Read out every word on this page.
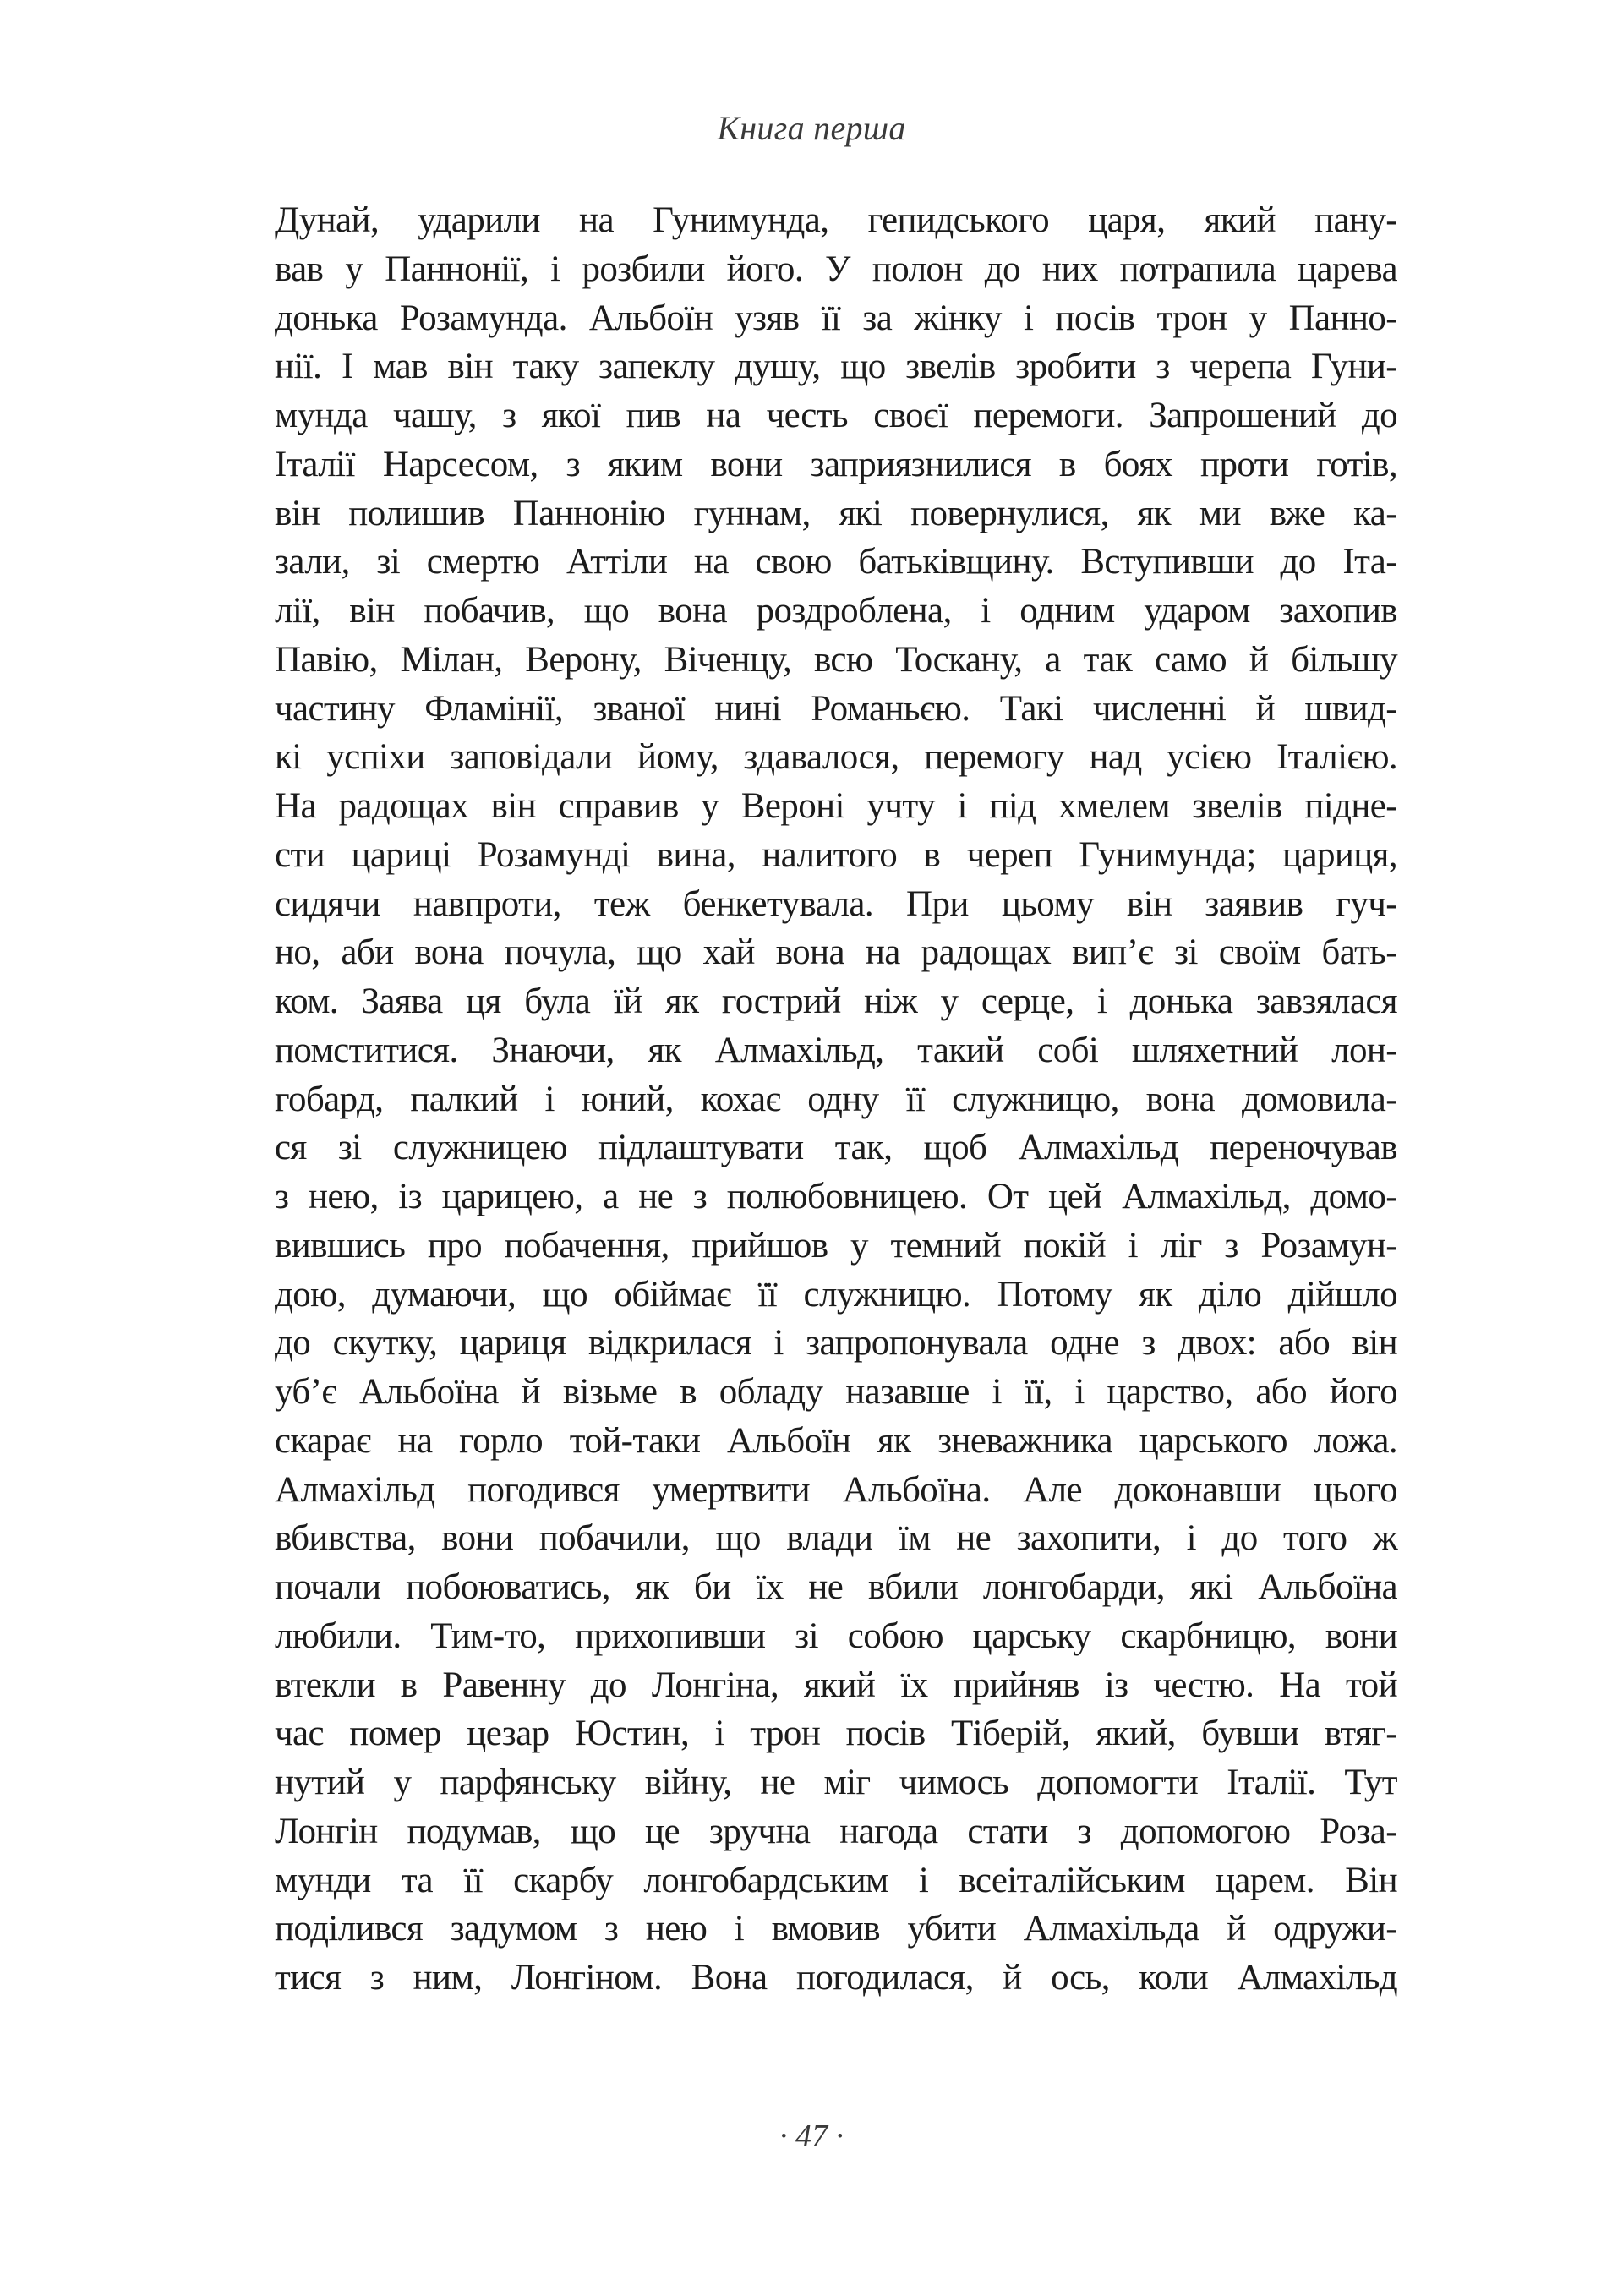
Книга перша
Дунай, ударили на Гунимунда, гепидського царя, який пану-
вав у Паннонії, і розбили його. У полон до них потрапила царева
донька Розамунда. Альбоїн узяв її за жінку і посів трон у Панно-
нії. І мав він таку запеклу душу, що звелів зробити з черепа Гуни-
мунда чашу, з якої пив на честь своєї перемоги. Запрошений до
Італії Нарсесом, з яким вони заприязнилися в боях проти готів,
він полишив Паннонію гуннам, які повернулися, як ми вже ка-
зали, зі смертю Аттіли на свою батьківщину. Вступивши до Іта-
лії, він побачив, що вона роздроблена, і одним ударом захопив
Павію, Мілан, Верону, Віченцу, всю Тоскану, а так само й більшу
частину Фламінії, званої нині Романьєю. Такі численні й швид-
кі успіхи заповідали йому, здавалося, перемогу над усією Італією.
На радощах він справив у Вероні учту і під хмелем звелів підне-
сти цариці Розамунді вина, налитого в череп Гунимунда; цариця,
сидячи навпроти, теж бенкетувала. При цьому він заявив гуч-
но, аби вона почула, що хай вона на радощах вип’є зі своїм бать-
ком. Заява ця була їй як гострий ніж у серце, і донька завзялася
помститися. Знаючи, як Алмахільд, такий собі шляхетний лон-
гобард, палкий і юний, кохає одну її служницю, вона домовила-
ся зі служницею підлаштувати так, щоб Алмахільд переночував
з нею, із царицею, а не з полюбовницею. От цей Алмахільд, домо-
вившись про побачення, прийшов у темний покій і ліг з Розамун-
дою, думаючи, що обіймає її служницю. Потому як діло дійшло
до скутку, цариця відкрилася і запропонувала одне з двох: або він
уб’є Альбоїна й візьме в обладу назавше і її, і царство, або його
скарає на горло той-таки Альбоїн як зневажника царського ложа.
Алмахільд погодився умертвити Альбоїна. Але доконавши цього
вбивства, вони побачили, що влади їм не захопити, і до того ж
почали побоюватись, як би їх не вбили лонгобарди, які Альбоїна
любили. Тим-то, прихопивши зі собою царську скарбницю, вони
втекли в Равенну до Лонгіна, який їх прийняв із честю. На той
час помер цезар Юстин, і трон посів Тіберій, який, бувши втяг-
нутий у парфянську війну, не міг чимось допомогти Італії. Тут
Лонгін подумав, що це зручна нагода стати з допомогою Роза-
мунди та її скарбу лонгобардським і всеіталійським царем. Він
поділився задумом з нею і вмовив убити Алмахільда й одружи-
тися з ним, Лонгіном. Вона погодилася, й ось, коли Алмахільд
· 47 ·
